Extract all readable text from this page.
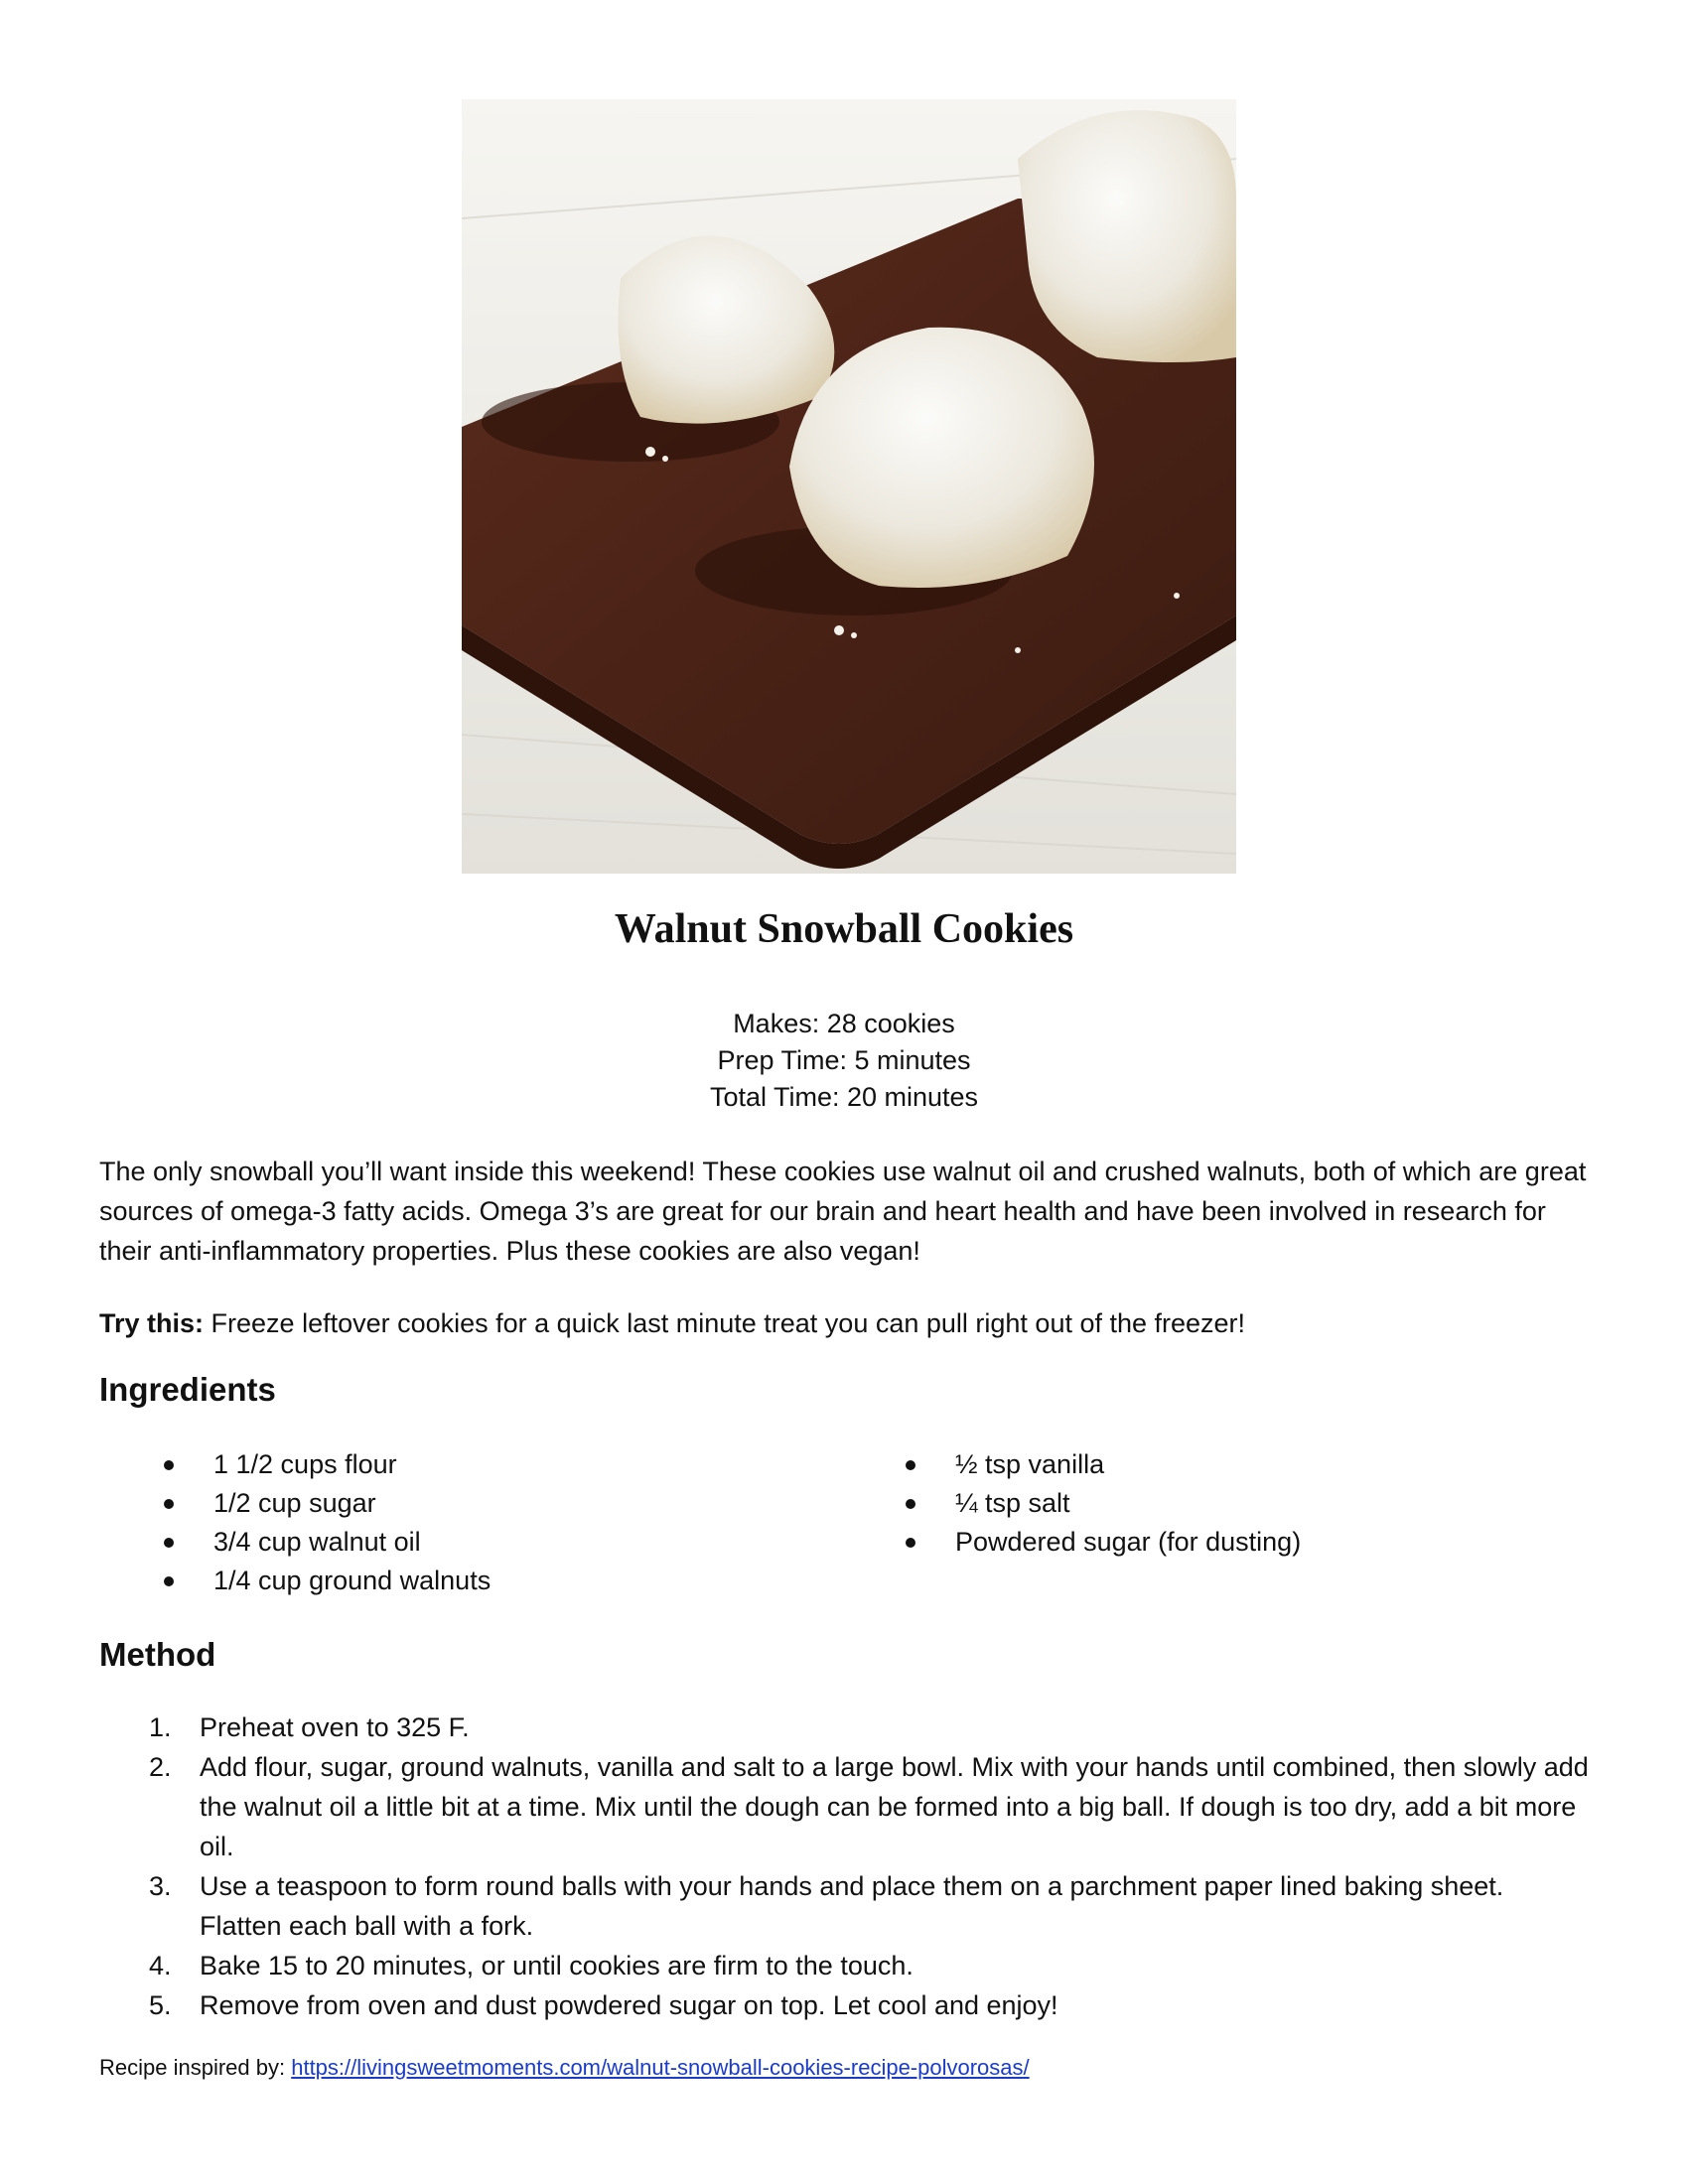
Walnut Snowball Cookies
Makes: 28 cookies
Prep Time: 5 minutes
Total Time: 20 minutes

The only snowball you’ll want inside this weekend! These cookies use walnut oil and crushed walnuts, both of which are great sources of omega-3 fatty acids. Omega 3’s are great for our brain and heart health and have been involved in research for their anti-inflammatory properties. Plus these cookies are also vegan!

Try this: Freeze leftover cookies for a quick last minute treat you can pull right out of the freezer!

Ingredients
1 1/2 cups flour
1/2 cup sugar
3/4 cup walnut oil
1/4 cup ground walnuts
½ tsp vanilla
¼ tsp salt
Powdered sugar (for dusting)
Method
1. Preheat oven to 325 F.
2. Add flour, sugar, ground walnuts, vanilla and salt to a large bowl. Mix with your hands until combined, then slowly add the walnut oil a little bit at a time. Mix until the dough can be formed into a big ball. If dough is too dry, add a bit more oil.
3. Use a teaspoon to form round balls with your hands and place them on a parchment paper lined baking sheet. Flatten each ball with a fork.
4. Bake 15 to 20 minutes, or until cookies are firm to the touch.
5. Remove from oven and dust powdered sugar on top. Let cool and enjoy!
Recipe inspired by: https://livingsweetmoments.com/walnut-snowball-cookies-recipe-polvorosas/
